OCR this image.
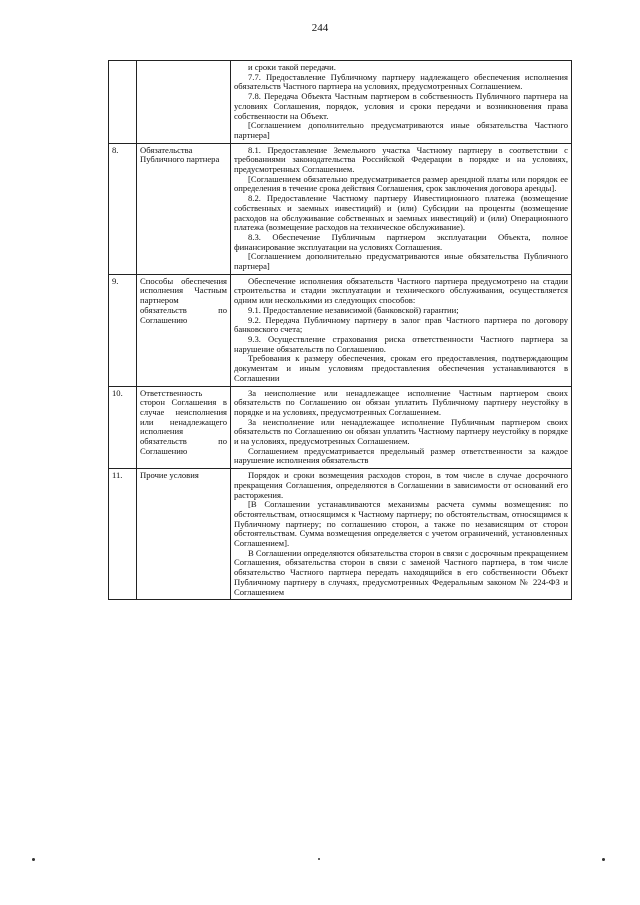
244

		и сроки такой передачи.

7.7. Предоставление Публичному партнеру надлежащего обеспечения исполнения обязательств Частного партнера на условиях, предусмотренных Соглашением.

7.8. Передача Объекта Частным партнером в собственность Публичного партнера на условиях Соглашения, порядок, условия и сроки передачи и возникновения права собственности на Объект.

[Соглашением дополнительно предусматриваются иные обязательства Частного партнера]

8.	Обязательства Публичного партнера	8.1. Предоставление Земельного участка Частному партнеру в соответствии с требованиями законодательства Российской Федерации в порядке и на условиях, предусмотренных Соглашением.

[Соглашением обязательно предусматривается размер арендной платы или порядок ее определения в течение срока действия Соглашения, срок заключения договора аренды].

8.2. Предоставление Частному партнеру Инвестиционного платежа (возмещение собственных и заемных инвестиций) и (или) Субсидии на проценты (возмещение расходов на обслуживание собственных и заемных инвестиций) и (или) Операционного платежа (возмещение расходов на техническое обслуживание).

8.3. Обеспечение Публичным партнером эксплуатации Объекта, полное финансирование эксплуатации на условиях Соглашения.

[Соглашением дополнительно предусматриваются иные обязательства Публичного партнера]

9.	Способы обеспечения исполнения Частным партнером обязательств по Соглашению	Обеспечение исполнения обязательств Частного партнера предусмотрено на стадии строительства и стадии эксплуатации и технического обслуживания, осуществляется одним или несколькими из следующих способов:

9.1. Предоставление независимой (банковской) гарантии;

9.2. Передача Публичному партнеру в залог прав Частного партнера по договору банковского счета;

9.3. Осуществление страхования риска ответственности Частного партнера за нарушение обязательств по Соглашению.

Требования к размеру обеспечения, срокам его предоставления, подтверждающим документам и иным условиям предоставления обеспечения устанавливаются в Соглашении

10.	Ответственность сторон Соглашения в случае неисполнения или ненадлежащего исполнения обязательств по Соглашению	За неисполнение или ненадлежащее исполнение Частным партнером своих обязательств по Соглашению он обязан уплатить Публичному партнеру неустойку в порядке и на условиях, предусмотренных Соглашением.

За неисполнение или ненадлежащее исполнение Публичным партнером своих обязательств по Соглашению он обязан уплатить Частному партнеру неустойку в порядке и на условиях, предусмотренных Соглашением.

Соглашением предусматривается предельный размер ответственности за каждое нарушение исполнения обязательств

11.	Прочие условия	Порядок и сроки возмещения расходов сторон, в том числе в случае досрочного прекращения Соглашения, определяются в Соглашении в зависимости от оснований его расторжения.

[В Соглашении устанавливаются механизмы расчета суммы возмещения: по обстоятельствам, относящимся к Частному партнеру; по обстоятельствам, относящимся к Публичному партнеру; по соглашению сторон, а также по независящим от сторон обстоятельствам. Сумма возмещения определяется с учетом ограничений, установленных Соглашением].

В Соглашении определяются обязательства сторон в связи с досрочным прекращением Соглашения, обязательства сторон в связи с заменой Частного партнера, в том числе обязательство Частного партнера передать находящийся в его собственности Объект Публичному партнеру в случаях, предусмотренных Федеральным законом № 224-ФЗ и Соглашением
